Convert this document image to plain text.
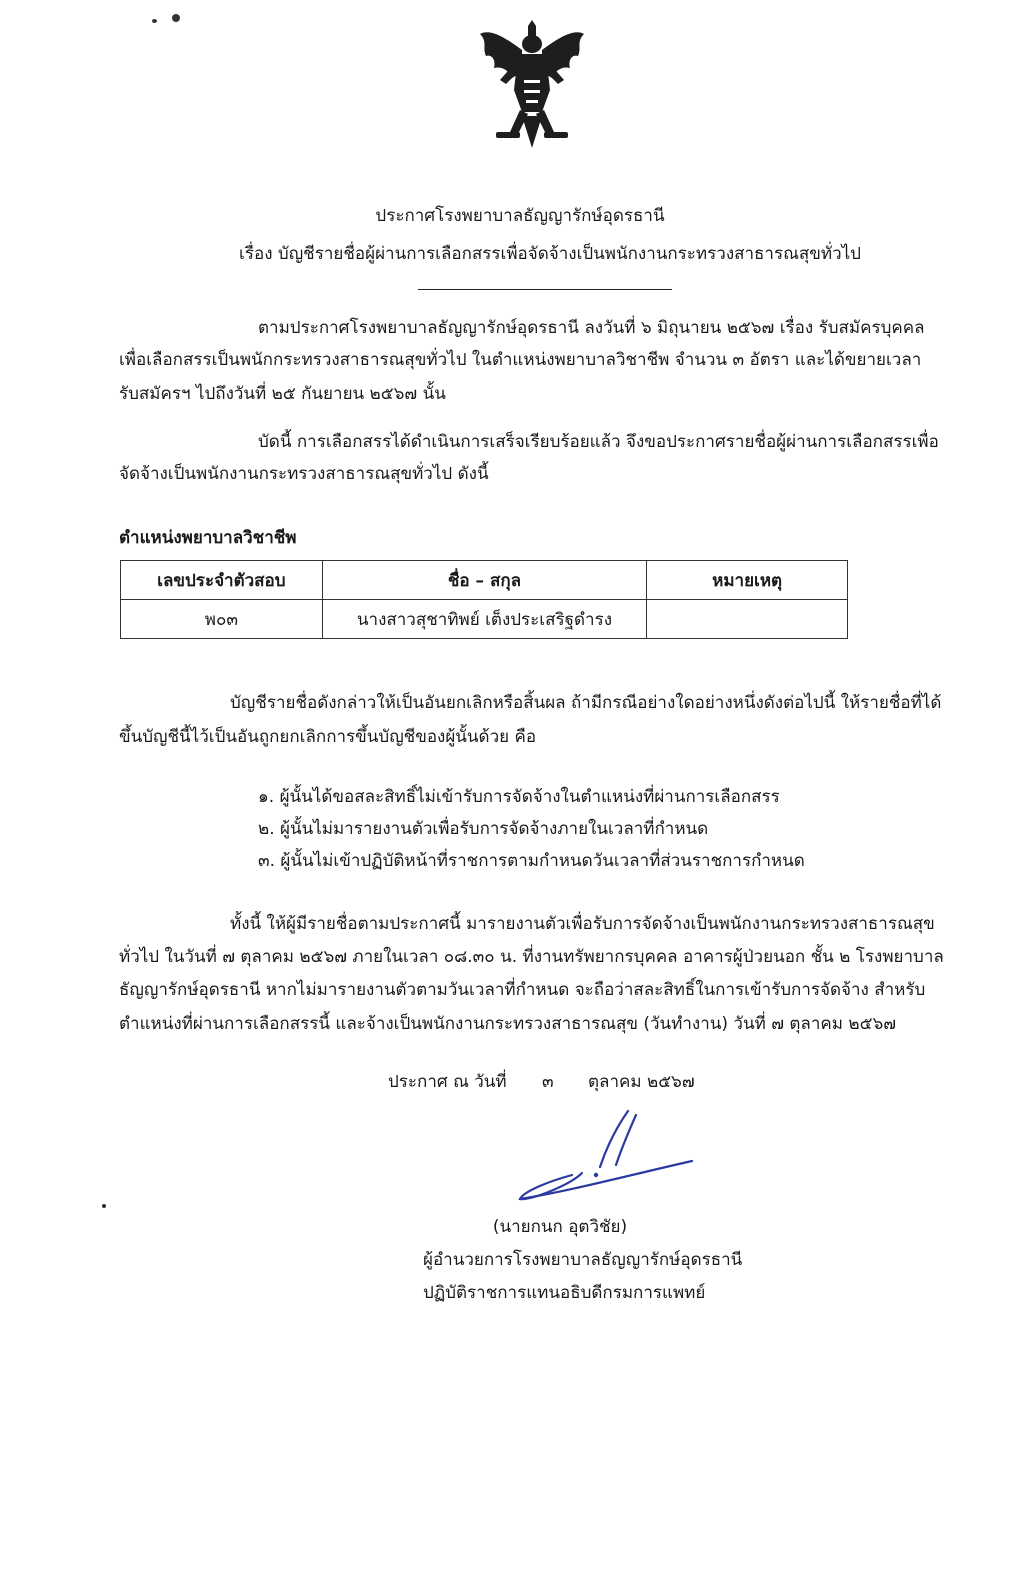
ประกาศโรงพยาบาลธัญญารักษ์อุดรธานี
เรื่อง บัญชีรายชื่อผู้ผ่านการเลือกสรรเพื่อจัดจ้างเป็นพนักงานกระทรวงสาธารณสุขทั่วไป
ตามประกาศโรงพยาบาลธัญญารักษ์อุดรธานี ลงวันที่ ๖ มิถุนายน ๒๕๖๗ เรื่อง รับสมัครบุคคล
เพื่อเลือกสรรเป็นพนักกระทรวงสาธารณสุขทั่วไป ในตำแหน่งพยาบาลวิชาชีพ จำนวน ๓ อัตรา และได้ขยายเวลา
รับสมัครฯ ไปถึงวันที่ ๒๕ กันยายน ๒๕๖๗ นั้น
บัดนี้ การเลือกสรรได้ดำเนินการเสร็จเรียบร้อยแล้ว จึงขอประกาศรายชื่อผู้ผ่านการเลือกสรรเพื่อ
จัดจ้างเป็นพนักงานกระทรวงสาธารณสุขทั่วไป ดังนี้
ตำแหน่งพยาบาลวิชาชีพ
เลขประจำตัวสอบ	ชื่อ – สกุล	หมายเหตุ
พ๐๓	นางสาวสุชาทิพย์ เต็งประเสริฐดำรง	
บัญชีรายชื่อดังกล่าวให้เป็นอันยกเลิกหรือสิ้นผล ถ้ามีกรณีอย่างใดอย่างหนึ่งดังต่อไปนี้ ให้รายชื่อที่ได้
ขึ้นบัญชีนี้ไว้เป็นอันถูกยกเลิกการขึ้นบัญชีของผู้นั้นด้วย คือ
๑. ผู้นั้นได้ขอสละสิทธิ์ไม่เข้ารับการจัดจ้างในตำแหน่งที่ผ่านการเลือกสรร
๒. ผู้นั้นไม่มารายงานตัวเพื่อรับการจัดจ้างภายในเวลาที่กำหนด
๓. ผู้นั้นไม่เข้าปฏิบัติหน้าที่ราชการตามกำหนดวันเวลาที่ส่วนราชการกำหนด
ทั้งนี้ ให้ผู้มีรายชื่อตามประกาศนี้ มารายงานตัวเพื่อรับการจัดจ้างเป็นพนักงานกระทรวงสาธารณสุข
ทั่วไป ในวันที่ ๗ ตุลาคม ๒๕๖๗ ภายในเวลา ๐๘.๓๐ น. ที่งานทรัพยากรบุคคล อาคารผู้ป่วยนอก ชั้น ๒ โรงพยาบาล
ธัญญารักษ์อุดรธานี หากไม่มารายงานตัวตามวันเวลาที่กำหนด จะถือว่าสละสิทธิ์ในการเข้ารับการจัดจ้าง สำหรับ
ตำแหน่งที่ผ่านการเลือกสรรนี้ และจ้างเป็นพนักงานกระทรวงสาธารณสุข (วันทำงาน) วันที่ ๗ ตุลาคม ๒๕๖๗
ประกาศ ณ วันที่ ๓ ตุลาคม ๒๕๖๗
(นายกนก อุตวิชัย)
ผู้อำนวยการโรงพยาบาลธัญญารักษ์อุดรธานี
ปฏิบัติราชการแทนอธิบดีกรมการแพทย์
